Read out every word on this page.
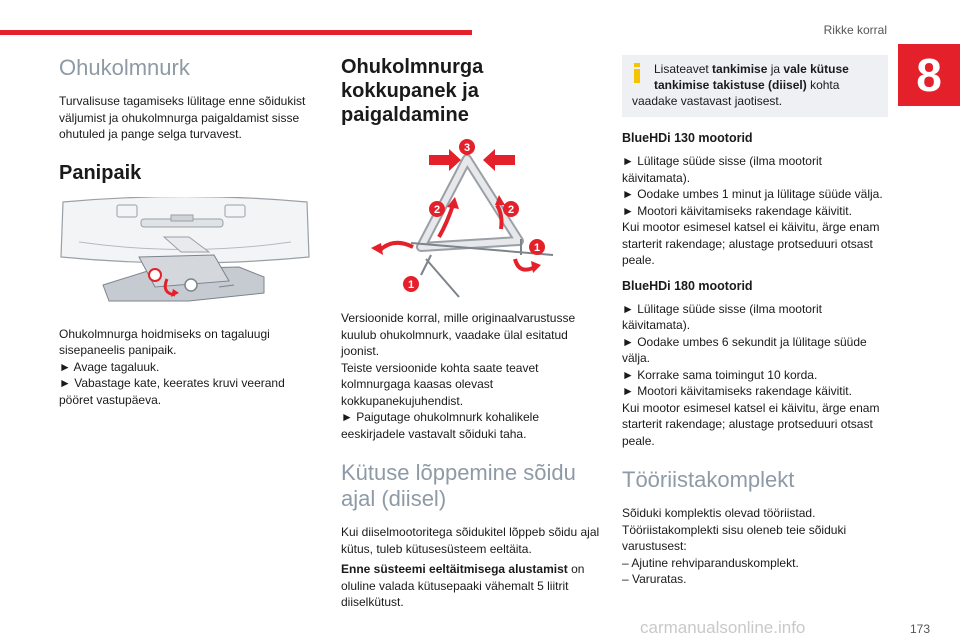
Rikke korral
8
Ohukolmnurk

Turvalisuse tagamiseks lülitage enne sõidukist väljumist ja ohukolmnurga paigaldamist sisse ohutuled ja pange selga turvavest.

Panipaik

Ohukolmnurga hoidmiseks on tagaluugi sisepaneelis panipaik.
► Avage tagaluuk.
► Vabastage kate, keerates kruvi veerand pööret vastupäeva.

Ohukolmnurga kokkupanek ja paigaldamine
3
2	2
1
1

Versioonide korral, mille originaalvarustusse kuulub ohukolmnurk, vaadake ülal esitatud joonist.
Teiste versioonide kohta saate teavet kolmnurgaga kaasas olevast kokkupanekujuhendist.
► Paigutage ohukolmnurk kohalikele eeskirjadele vastavalt sõiduki taha.

Kütuse lõppemine sõidu ajal (diisel)

Kui diiselmootoritega sõidukitel lõppeb sõidu ajal kütus, tuleb kütusesüsteem eeltäita.

Enne süsteemi eeltäitmisega alustamist on oluline valada kütusepaaki vähemalt 5 liitrit diiselkütust.

Lisateavet tankimise ja vale kütuse tankimise takistuse (diisel) kohta
vaadake vastavast jaotisest.
BlueHDi 130 mootorid

► Lülitage süüde sisse (ilma mootorit käivitamata).
► Oodake umbes 1 minut ja lülitage süüde välja.
► Mootori käivitamiseks rakendage käivitit.
Kui mootor esimesel katsel ei käivitu, ärge enam starterit rakendage; alustage protseduuri otsast peale.

BlueHDi 180 mootorid

► Lülitage süüde sisse (ilma mootorit käivitamata).
► Oodake umbes 6 sekundit ja lülitage süüde välja.
► Korrake sama toimingut 10 korda.
► Mootori käivitamiseks rakendage käivitit.
Kui mootor esimesel katsel ei käivitu, ärge enam starterit rakendage; alustage protseduuri otsast peale.

Tööriistakomplekt

Sõiduki komplektis olevad tööriistad.
Tööriistakomplekti sisu oleneb teie sõiduki varustusest:
– Ajutine rehviparanduskomplekt.
– Varuratas.

carmanualsonline.info	173
